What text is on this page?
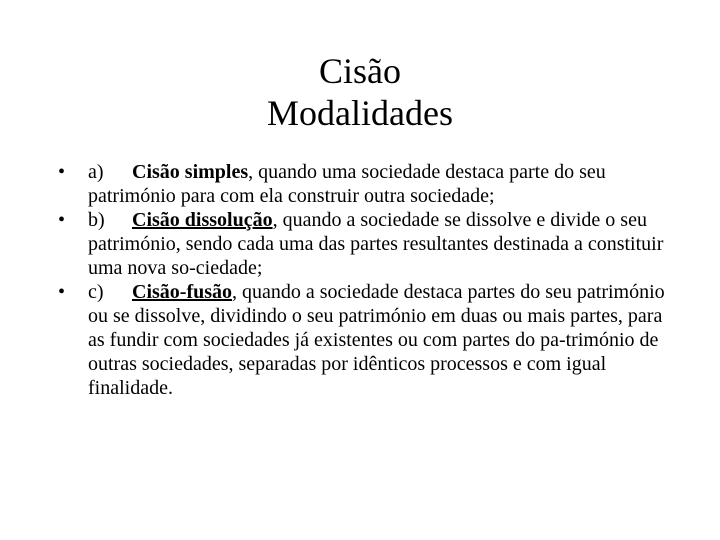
Cisão
Modalidades
• a) Cisão simples, quando uma sociedade destaca parte do seu património para com ela construir outra sociedade;
• b) Cisão dissolução, quando a sociedade se dissolve e divide o seu património, sendo cada uma das partes resultantes destinada a constituir uma nova so-ciedade;
• c) Cisão-fusão, quando a sociedade destaca partes do seu património ou se dissolve, dividindo o seu património em duas ou mais partes, para as fundir com sociedades já existentes ou com partes do pa-trimónio de outras sociedades, separadas por idênticos processos e com igual finalidade.
